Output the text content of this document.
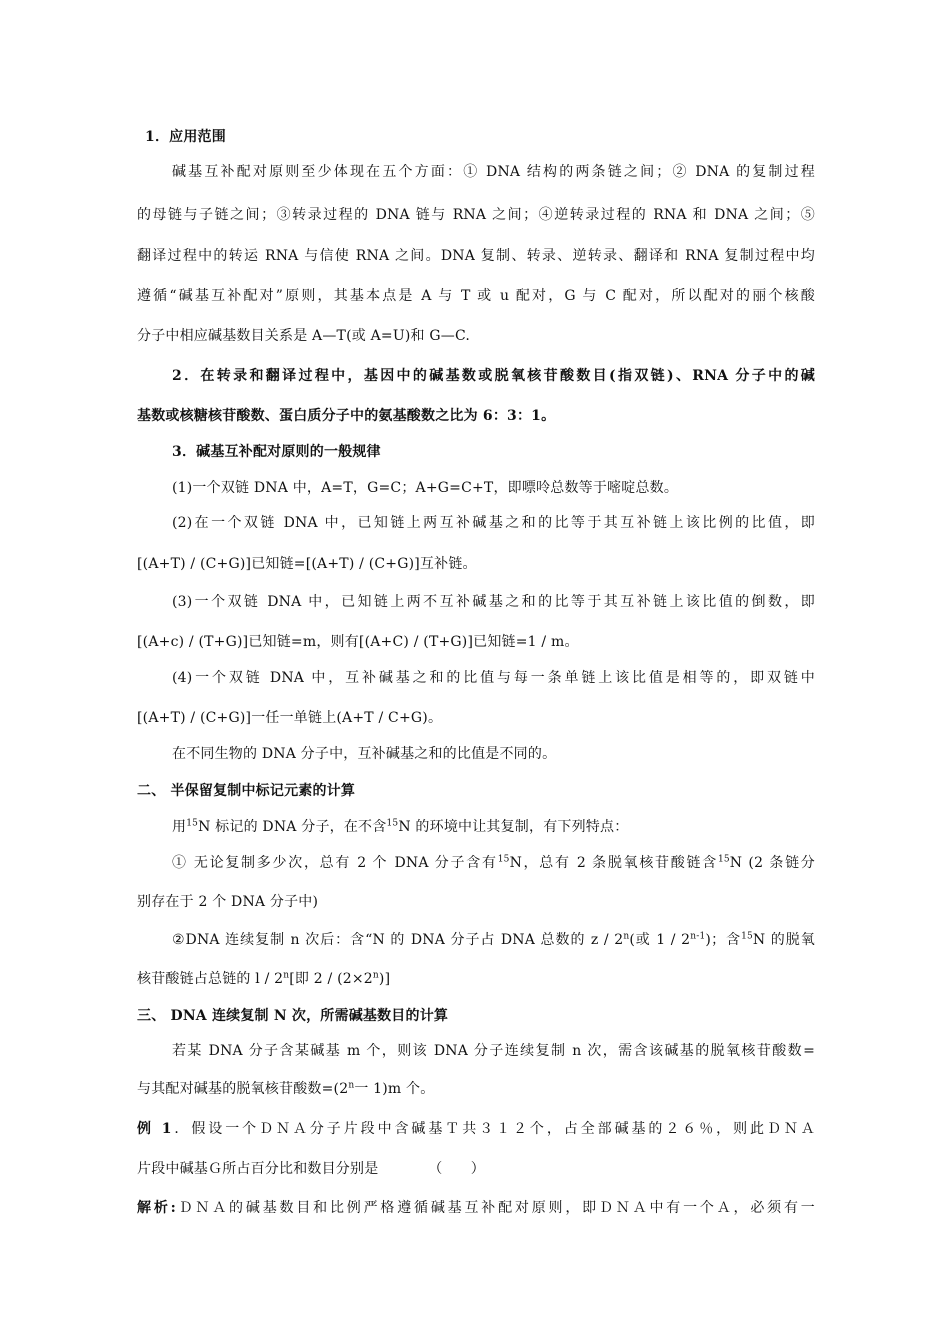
1．应用范围
碱基互补配对原则至少体现在五个方面：① DNA 结构的两条链之间；② DNA 的复制过程
的母链与子链之间；③转录过程的 DNA 链与 RNA 之间；④逆转录过程的 RNA 和 DNA 之间；⑤
翻译过程中的转运 RNA 与信使 RNA 之间。DNA 复制、转录、逆转录、翻译和 RNA 复制过程中均
遵循“碱基互补配对”原则，其基本点是 A 与 T 或 u 配对，G 与 C 配对，所以配对的丽个核酸
分子中相应碱基数目关系是 A—T(或 A=U)和 G—C.
2．在转录和翻译过程中，基因中的碱基数或脱氧核苷酸数目(指双链)、RNA 分子中的碱
基数或核糖核苷酸数、蛋白质分子中的氨基酸数之比为 6：3：1。
3．碱基互补配对原则的一般规律
(1)一个双链 DNA 中，A=T，G=C；A+G=C+T，即嘌呤总数等于嘧啶总数。
(2)在一个双链 DNA 中，已知链上两互补碱基之和的比等于其互补链上该比例的比值，即
[(A+T) / (C+G)]已知链=[(A+T) / (C+G)]互补链。
(3)一个双链 DNA 中，已知链上两不互补碱基之和的比等于其互补链上该比值的倒数，即
[(A+c) / (T+G)]已知链=m，则有[(A+C) / (T+G)]已知链=1 / m。
(4)一个双链 DNA 中，互补碱基之和的比值与每一条单链上该比值是相等的，即双链中
[(A+T) / (C+G)]一任一单链上(A+T / C+G)。
在不同生物的 DNA 分子中，互补碱基之和的比值是不同的。
二、 半保留复制中标记元素的计算
用$^{15}$N 标记的 DNA 分子，在不含$^{15}$N 的环境中让其复制，有下列特点：
① 无论复制多少次，总有 2 个 DNA 分子含有$^{15}$N，总有 2 条脱氧核苷酸链含$^{15}$N (2 条链分
别存在于 2 个 DNA 分子中)
②DNA 连续复制 n 次后：含“N 的 DNA 分子占 DNA 总数的 z / 2$^n$(或 1 / 2$^{n-1}$)；含$^{15}$N 的脱氧
核苷酸链占总链的 l / 2$^n$[即 $2 / (2\times 2^n)$]
三、 DNA 连续复制 N 次，所需碱基数目的计算
若某 DNA 分子含某碱基 m 个，则该 DNA 分子连续复制 n 次，需含该碱基的脱氧核苷酸数=
与其配对碱基的脱氧核苷酸数$=(2^n$一 1)m 个。
例 1．假设一个ＤＮＡ分子片段中含碱基Ｔ共３１２个，占全部碱基的２６％，则此ＤＮＡ
片段中碱基Ｇ所占百分比和数目分别是　　　　（　　）
解析:ＤＮＡ的碱基数目和比例严格遵循碱基互补配对原则，即ＤＮＡ中有一个Ａ，必须有一
